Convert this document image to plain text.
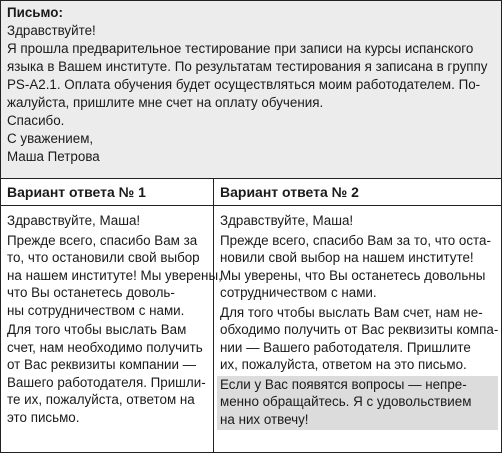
Письмо:
Здравствуйте!
Я прошла предварительное тестирование при записи на курсы испанского
языка в Вашем институте. По результатам тестирования я записана в группу
PS-A2.1. Оплата обучения будет осуществляться моим работодателем. По-
жалуйста, пришлите мне счет на оплату обучения.
Спасибо.
С уважением,
Маша Петрова
Вариант ответа № 1
Здравствуйте, Маша!
Прежде всего, спасибо Вам за
то, что остановили свой выбор
на нашем институте! Мы уверены,
что Вы останетесь доволь-
ны сотрудничеством с нами.
Для того чтобы выслать Вам
счет, нам необходимо получить
от Вас реквизиты компании —
Вашего работодателя. Пришли-
те их, пожалуйста, ответом на
это письмо.
Вариант ответа № 2
Здравствуйте, Маша!
Прежде всего, спасибо Вам за то, что оста-
новили свой выбор на нашем институте!
Мы уверены, что Вы останетесь довольны
сотрудничеством с нами.
Для того чтобы выслать Вам счет, нам не-
обходимо получить от Вас реквизиты компа-
нии — Вашего работодателя. Пришлите
их, пожалуйста, ответом на это письмо.
Если у Вас появятся вопросы — непре-
менно обращайтесь. Я с удовольствием
на них отвечу!
